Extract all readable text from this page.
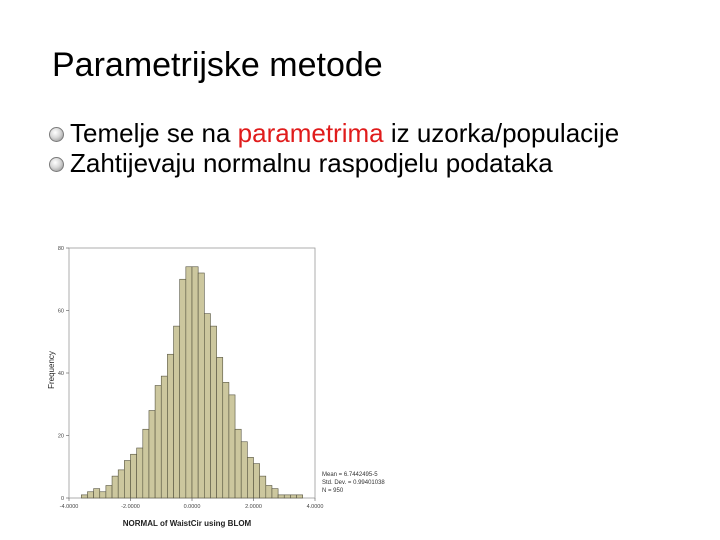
Parametrijske metode
Temelje se na parametrima iz uzorka/populacije
Zahtijevaju normalnu raspodjelu podataka
0
20
40
60
80
-4.0000	-2.0000	0.0000	2.0000	4.0000
Frequency
NORMAL of WaistCir using BLOM
Mean = 6.7442495-5
Std. Dev. = 0.99401038
N = 950
